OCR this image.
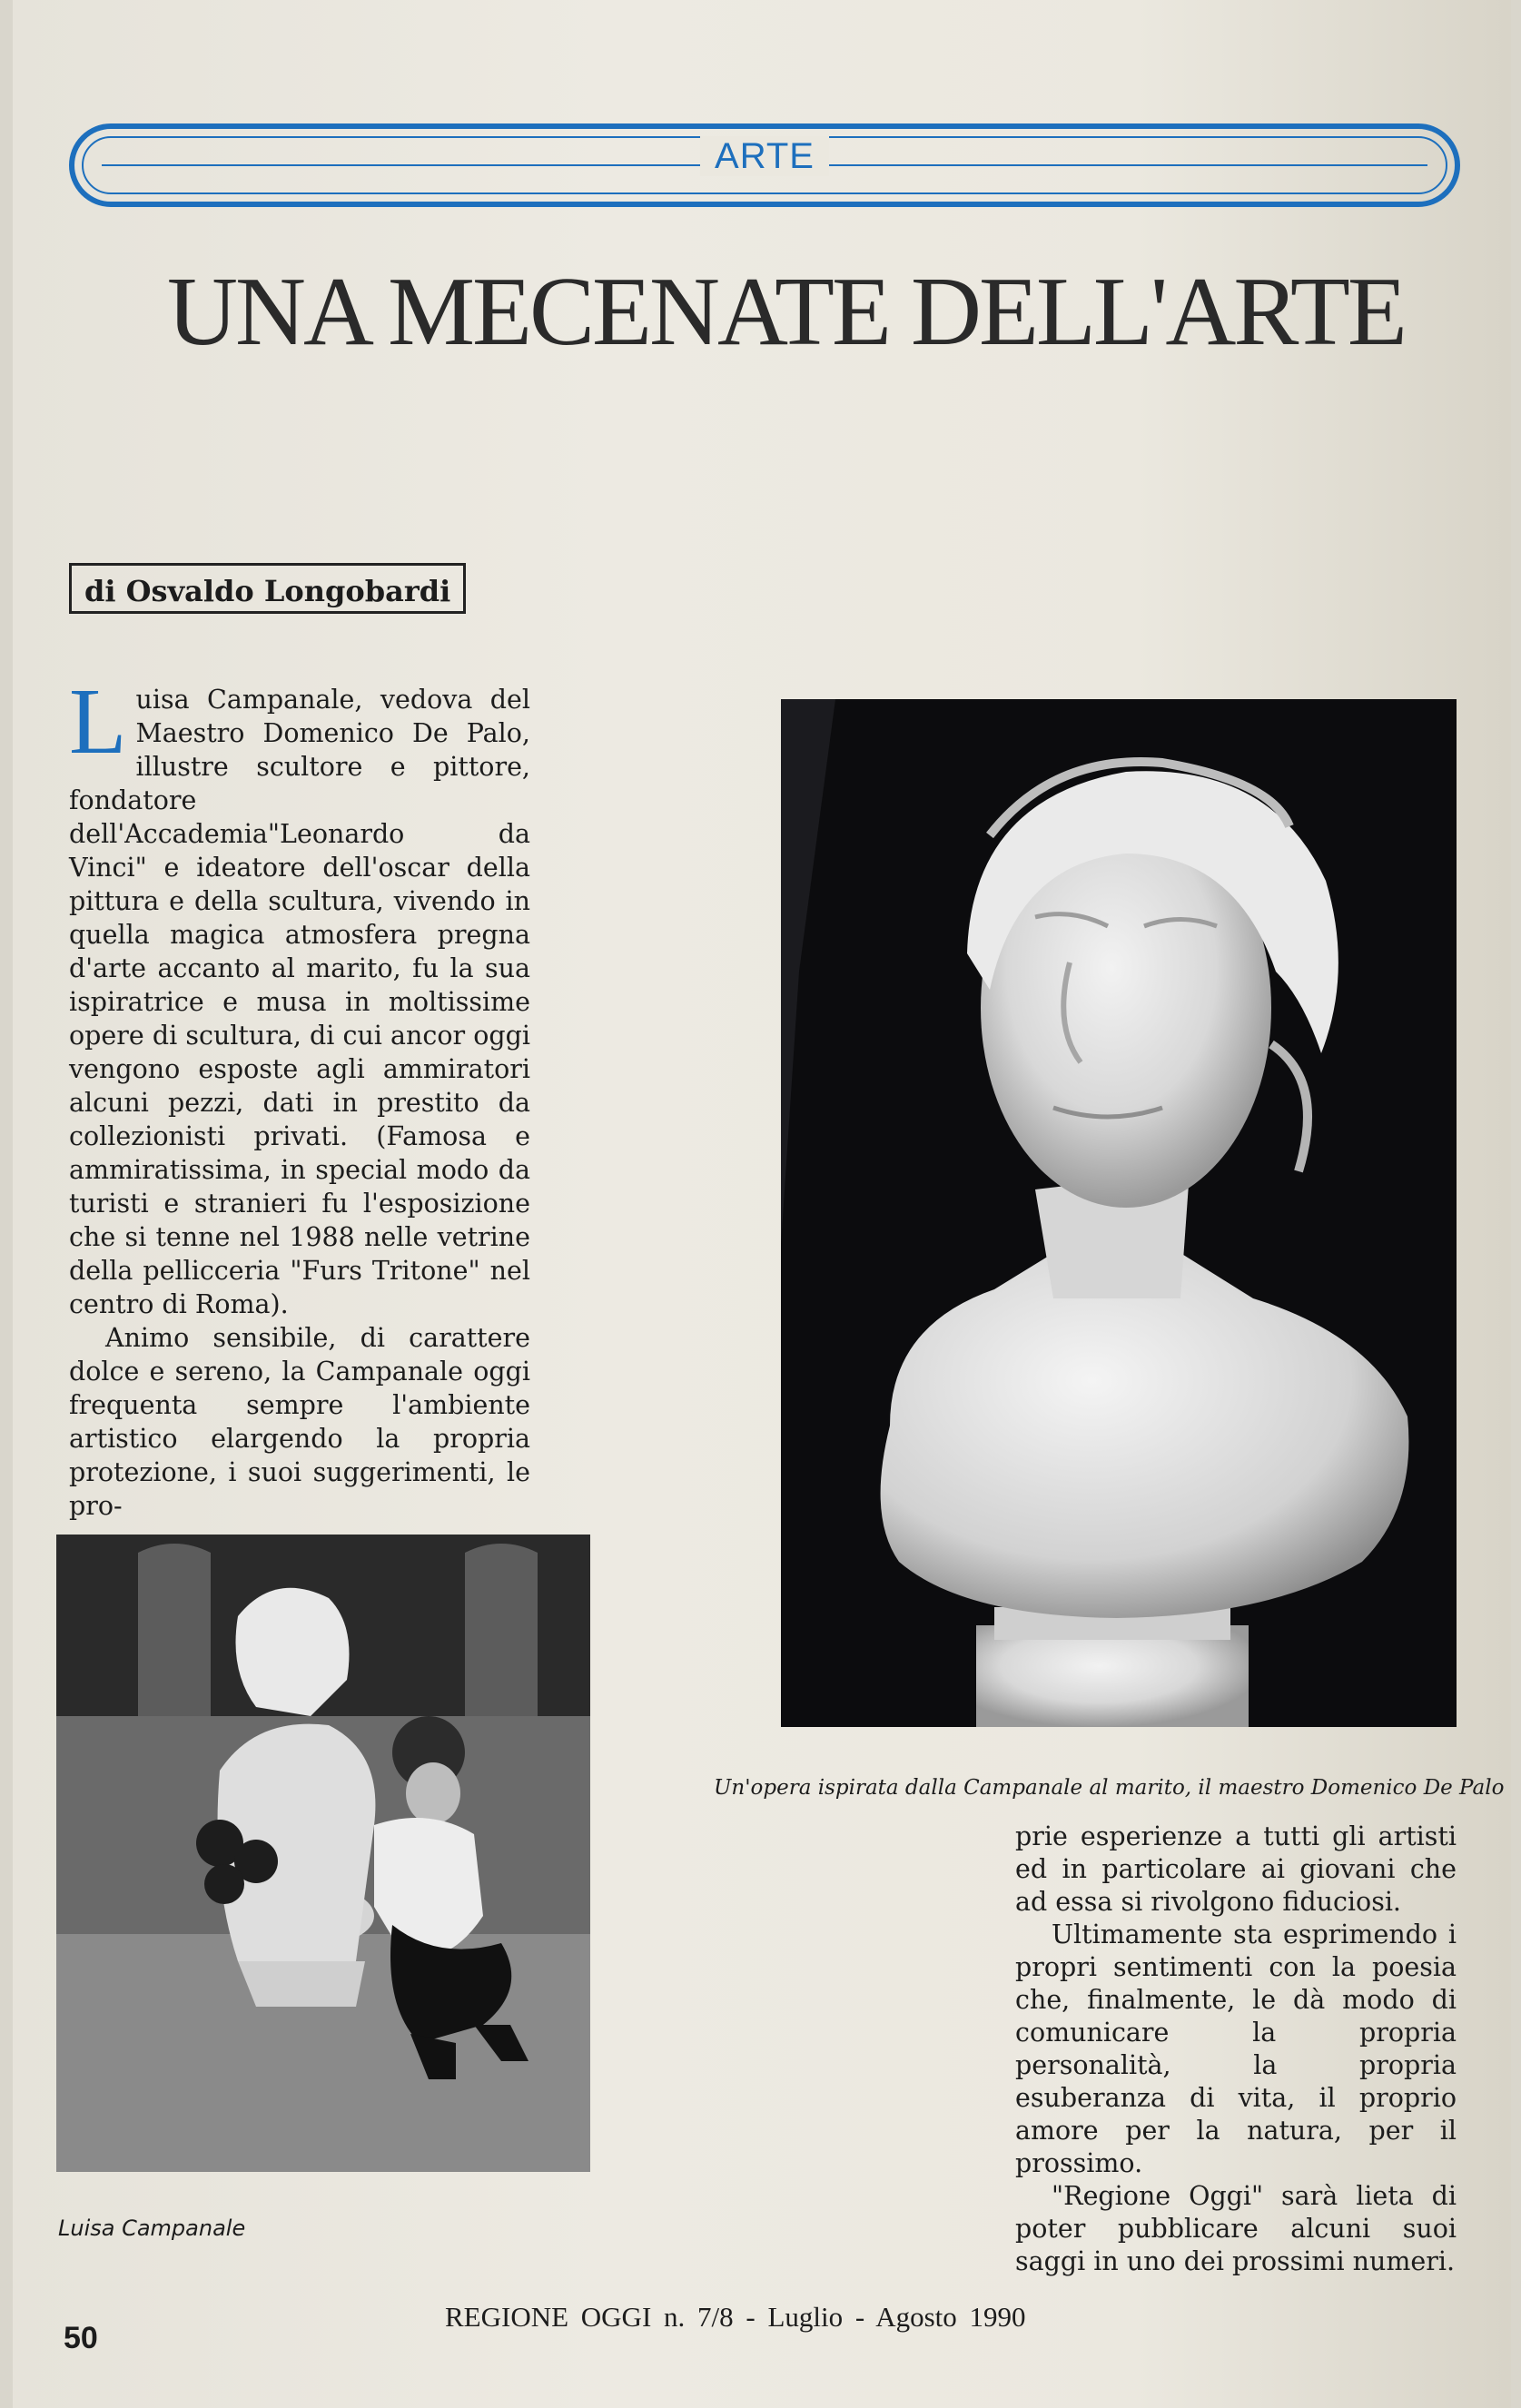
ARTE
UNA MECENATE DELL'ARTE
di Osvaldo Longobardi

Luisa Campanale, vedova del Maestro Domenico De Palo, illustre scultore e pittore, fondatore dell'Accademia"Leonardo da Vinci" e ideatore dell'oscar della pittura e della scultura, vivendo in quella magica atmosfera pregna d'arte accanto al marito, fu la sua ispiratrice e musa in moltissime opere di scultura, di cui ancor oggi vengono esposte agli ammiratori alcuni pezzi, dati in prestito da collezionisti privati. (Famosa e ammiratissima, in special modo da turisti e stranieri fu l'esposizione che si tenne nel 1988 nelle vetrine della pellicceria "Furs Tritone" nel centro di Roma).

Animo sensibile, di carattere dolce e sereno, la Campanale oggi frequenta sempre l'ambiente artistico elargendo la propria protezione, i suoi suggerimenti, le pro-

Un'opera ispirata dalla Campanale al marito, il maestro Domenico De Palo
Luisa Campanale

prie esperienze a tutti gli artisti ed in particolare ai giovani che ad essa si rivolgono fiduciosi.

Ultimamente sta esprimendo i propri sentimenti con la poesia che, finalmente, le dà modo di comunicare la propria personalità, la propria esuberanza di vita, il proprio amore per la natura, per il prossimo.

"Regione Oggi" sarà lieta di poter pubblicare alcuni suoi saggi in uno dei prossimi numeri.

REGIONE OGGI n. 7/8 - Luglio - Agosto 1990
50
